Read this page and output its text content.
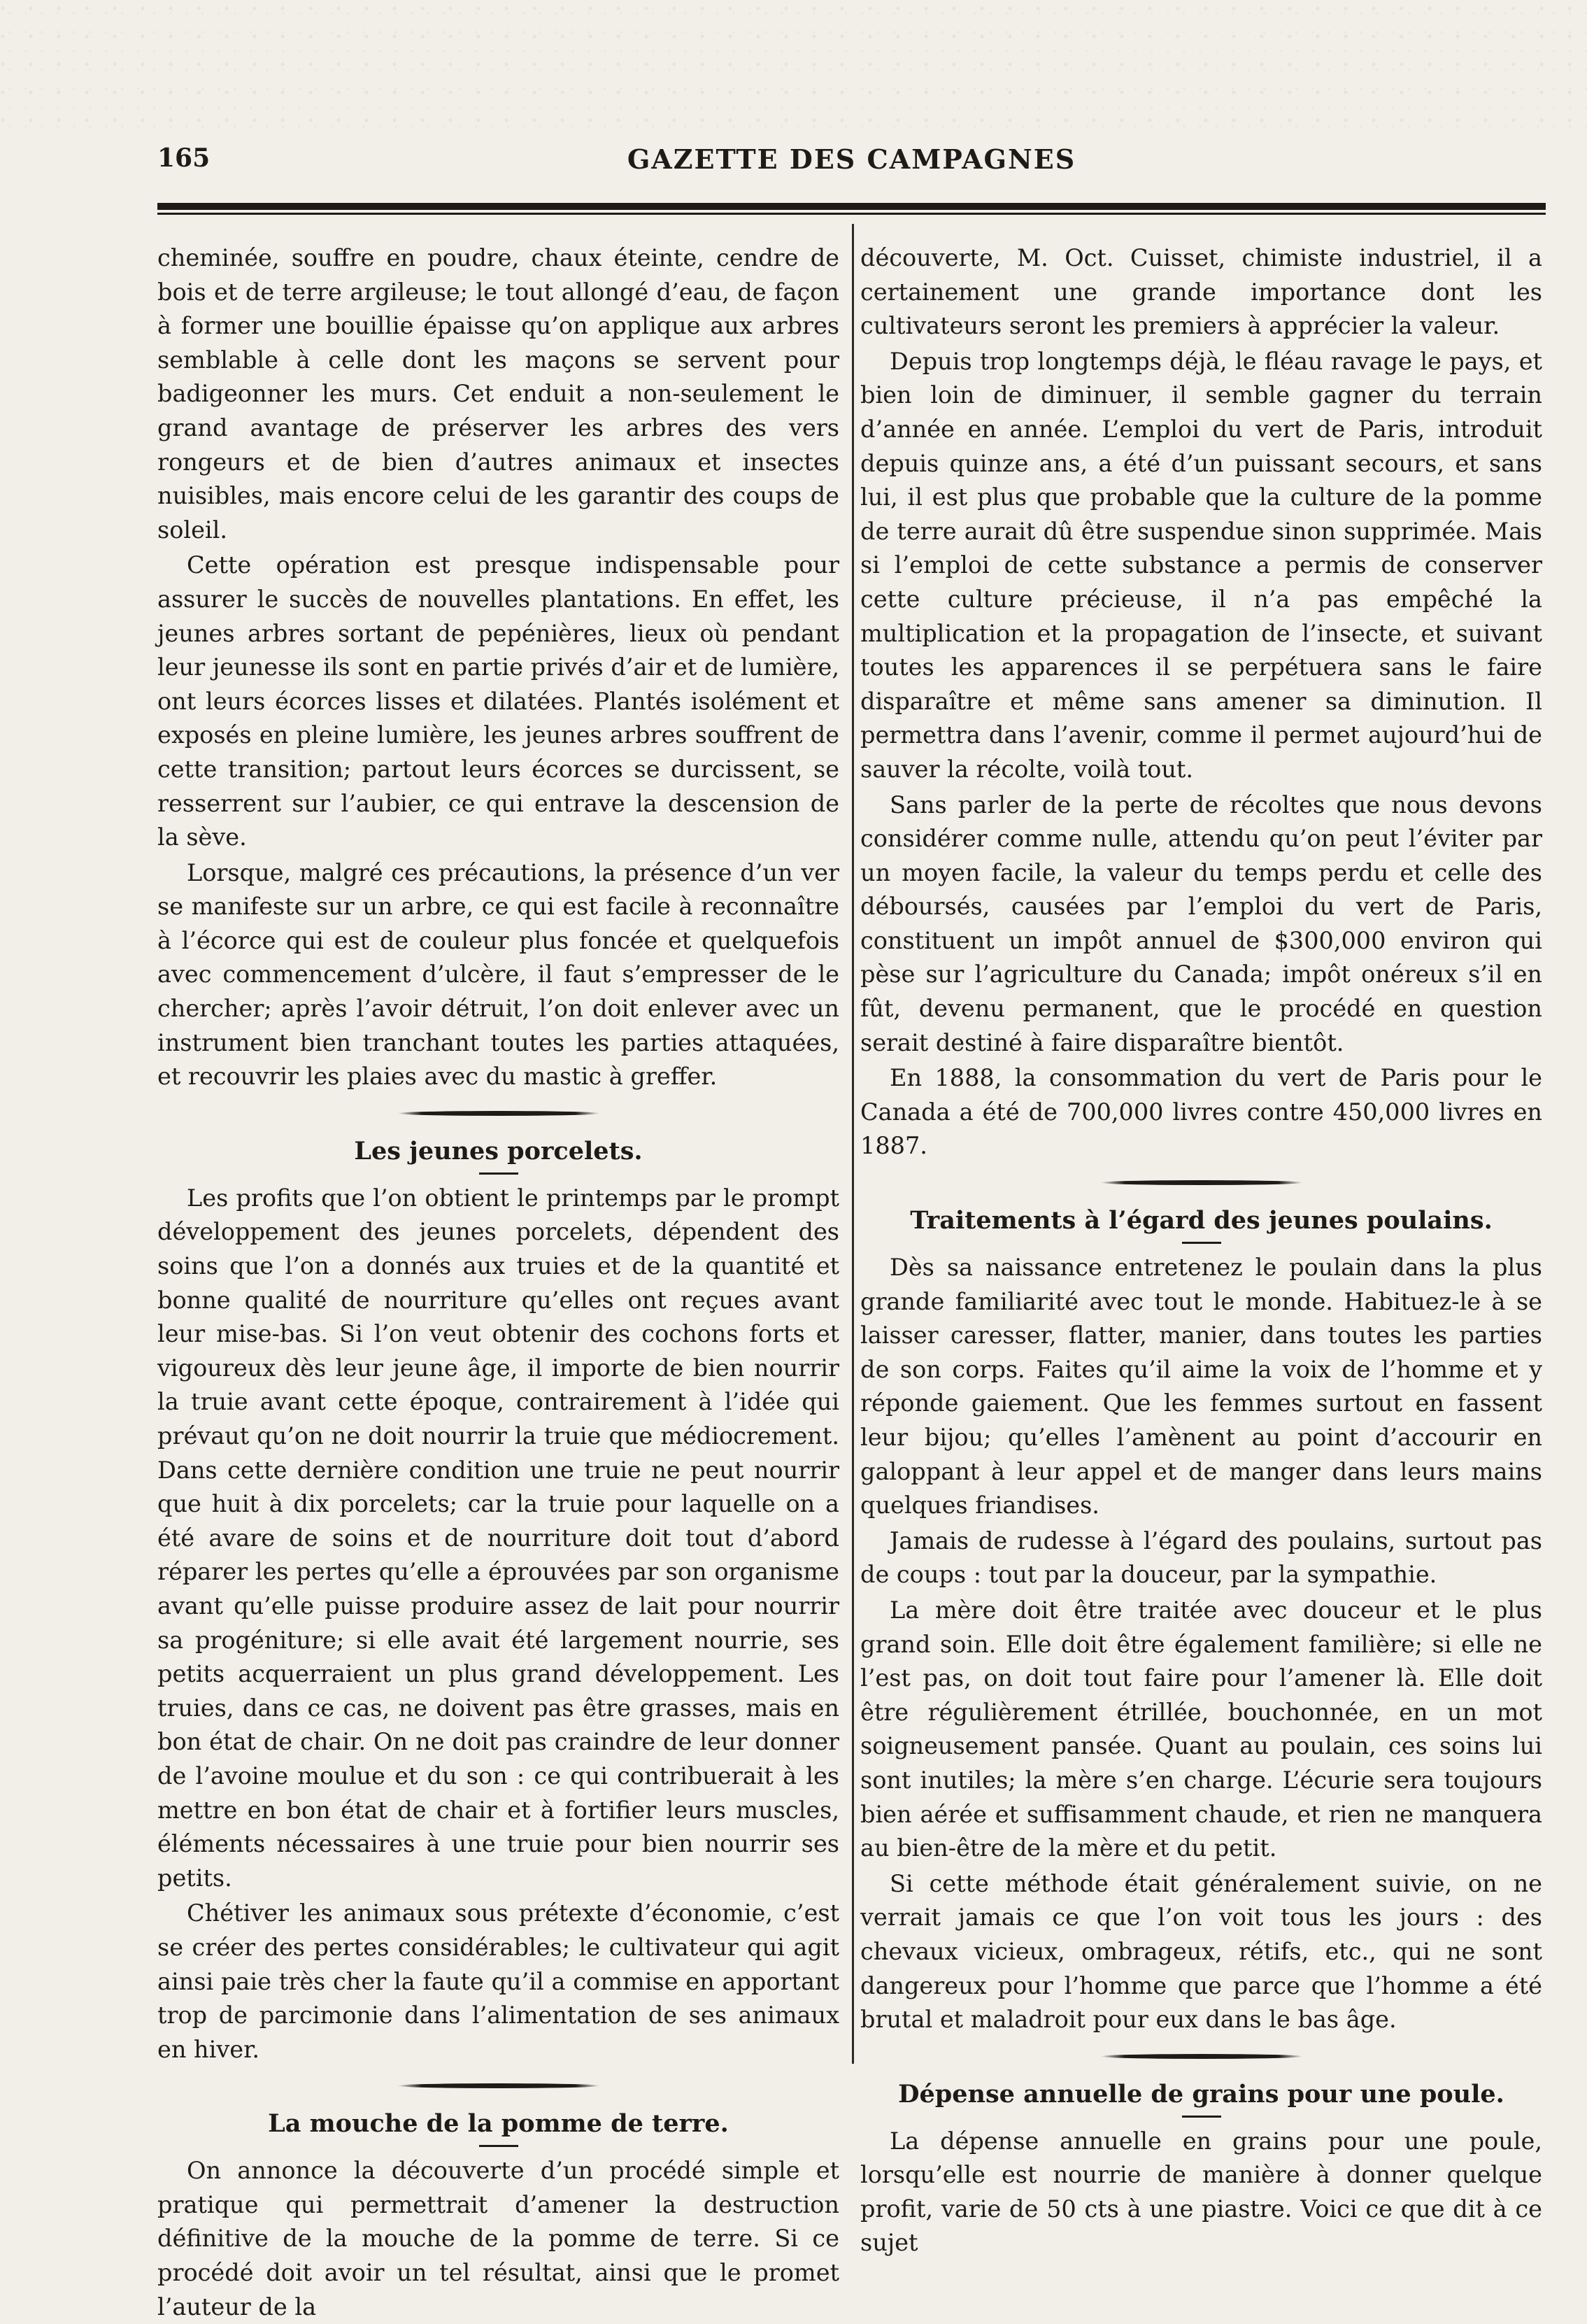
165	GAZETTE DES CAMPAGNES

cheminée, souffre en poudre, chaux éteinte, cendre de bois et de terre argileuse; le tout allongé d’eau, de façon à former une bouillie épaisse qu’on applique aux arbres semblable à celle dont les maçons se servent pour badigeonner les murs. Cet enduit a non-seulement le grand avantage de préserver les arbres des vers rongeurs et de bien d’autres animaux et insectes nuisibles, mais encore celui de les garantir des coups de soleil.

Cette opération est presque indispensable pour assurer le succès de nouvelles plantations. En effet, les jeunes arbres sortant de pepénières, lieux où pendant leur jeunesse ils sont en partie privés d’air et de lumière, ont leurs écorces lisses et dilatées. Plantés isolément et exposés en pleine lumière, les jeunes arbres souffrent de cette transition; partout leurs écorces se durcissent, se resserrent sur l’aubier, ce qui entrave la descension de la sève.

Lorsque, malgré ces précautions, la présence d’un ver se manifeste sur un arbre, ce qui est facile à reconnaître à l’écorce qui est de couleur plus foncée et quelquefois avec commencement d’ulcère, il faut s’empresser de le chercher; après l’avoir détruit, l’on doit enlever avec un instrument bien tranchant toutes les parties attaquées, et recouvrir les plaies avec du mastic à greffer.

Les jeunes porcelets.

Les profits que l’on obtient le printemps par le prompt développement des jeunes porcelets, dépendent des soins que l’on a donnés aux truies et de la quantité et bonne qualité de nourriture qu’elles ont reçues avant leur mise-bas. Si l’on veut obtenir des cochons forts et vigoureux dès leur jeune âge, il importe de bien nourrir la truie avant cette époque, contrairement à l’idée qui prévaut qu’on ne doit nourrir la truie que médiocrement. Dans cette dernière condition une truie ne peut nourrir que huit à dix porcelets; car la truie pour laquelle on a été avare de soins et de nourriture doit tout d’abord réparer les pertes qu’elle a éprouvées par son organisme avant qu’elle puisse produire assez de lait pour nourrir sa progéniture; si elle avait été largement nourrie, ses petits acquerraient un plus grand développement. Les truies, dans ce cas, ne doivent pas être grasses, mais en bon état de chair. On ne doit pas craindre de leur donner de l’avoine moulue et du son : ce qui contribuerait à les mettre en bon état de chair et à fortifier leurs muscles, éléments nécessaires à une truie pour bien nourrir ses petits.

Chétiver les animaux sous prétexte d’économie, c’est se créer des pertes considérables; le cultivateur qui agit ainsi paie très cher la faute qu’il a commise en apportant trop de parcimonie dans l’alimentation de ses animaux en hiver.

La mouche de la pomme de terre.

On annonce la découverte d’un procédé simple et pratique qui permettrait d’amener la destruction définitive de la mouche de la pomme de terre. Si ce procédé doit avoir un tel résultat, ainsi que le promet l’auteur de la

découverte, M. Oct. Cuisset, chimiste industriel, il a certainement une grande importance dont les cultivateurs seront les premiers à apprécier la valeur.

Depuis trop longtemps déjà, le fléau ravage le pays, et bien loin de diminuer, il semble gagner du terrain d’année en année. L’emploi du vert de Paris, introduit depuis quinze ans, a été d’un puissant secours, et sans lui, il est plus que probable que la culture de la pomme de terre aurait dû être suspendue sinon supprimée. Mais si l’emploi de cette substance a permis de conserver cette culture précieuse, il n’a pas empêché la multiplication et la propagation de l’insecte, et suivant toutes les apparences il se perpétuera sans le faire disparaître et même sans amener sa diminution. Il permettra dans l’avenir, comme il permet aujourd’hui de sauver la récolte, voilà tout.

Sans parler de la perte de récoltes que nous devons considérer comme nulle, attendu qu’on peut l’éviter par un moyen facile, la valeur du temps perdu et celle des déboursés, causées par l’emploi du vert de Paris, constituent un impôt annuel de $300,000 environ qui pèse sur l’agriculture du Canada; impôt onéreux s’il en fût, devenu permanent, que le procédé en question serait destiné à faire disparaître bientôt.

En 1888, la consommation du vert de Paris pour le Canada a été de 700,000 livres contre 450,000 livres en 1887.

Traitements à l’égard des jeunes poulains.

Dès sa naissance entretenez le poulain dans la plus grande familiarité avec tout le monde. Habituez-le à se laisser caresser, flatter, manier, dans toutes les parties de son corps. Faites qu’il aime la voix de l’homme et y réponde gaiement. Que les femmes surtout en fassent leur bijou; qu’elles l’amènent au point d’accourir en galoppant à leur appel et de manger dans leurs mains quelques friandises.

Jamais de rudesse à l’égard des poulains, surtout pas de coups : tout par la douceur, par la sympathie.

La mère doit être traitée avec douceur et le plus grand soin. Elle doit être également familière; si elle ne l’est pas, on doit tout faire pour l’amener là. Elle doit être régulièrement étrillée, bouchonnée, en un mot soigneusement pansée. Quant au poulain, ces soins lui sont inutiles; la mère s’en charge. L’écurie sera toujours bien aérée et suffisamment chaude, et rien ne manquera au bien-être de la mère et du petit.

Si cette méthode était généralement suivie, on ne verrait jamais ce que l’on voit tous les jours : des chevaux vicieux, ombrageux, rétifs, etc., qui ne sont dangereux pour l’homme que parce que l’homme a été brutal et maladroit pour eux dans le bas âge.

Dépense annuelle de grains pour une poule.

La dépense annuelle en grains pour une poule, lorsqu’elle est nourrie de manière à donner quelque profit, varie de 50 cts à une piastre. Voici ce que dit à ce sujet
